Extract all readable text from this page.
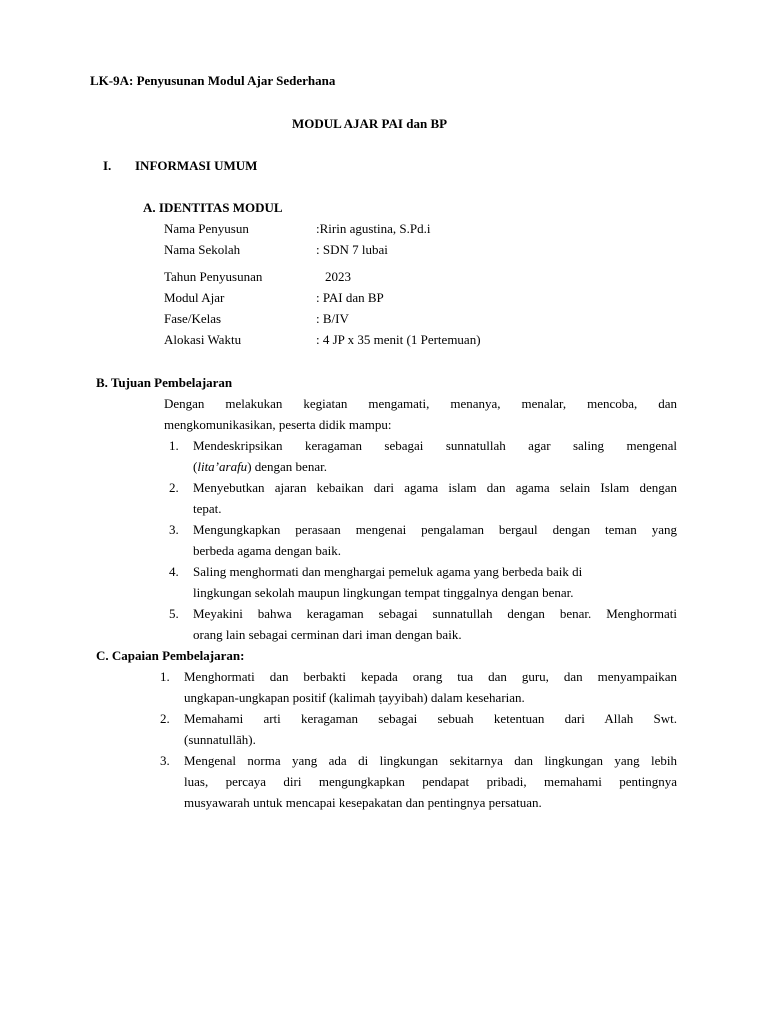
LK-9A: Penyusunan Modul Ajar Sederhana
MODUL AJAR PAI dan BP
I. INFORMASI UMUM
A. IDENTITAS MODUL
Nama Penyusun	:Ririn agustina, S.Pd.i
Nama Sekolah	: SDN 7 lubai
Tahun Penyusunan	2023
Modul Ajar	: PAI dan BP
Fase/Kelas	: B/IV
Alokasi Waktu	: 4 JP x 35 menit (1 Pertemuan)
B. Tujuan Pembelajaran
Dengan melakukan kegiatan mengamati, menanya, menalar, mencoba, dan
mengkomunikasikan, peserta didik mampu:
1. Mendeskripsikan keragaman sebagai sunnatullah agar saling mengenal
(lita’arafu) dengan benar.
2. Menyebutkan ajaran kebaikan dari agama islam dan agama selain Islam dengan
tepat.
3. Mengungkapkan perasaan mengenai pengalaman bergaul dengan teman yang
berbeda agama dengan baik.
4. Saling menghormati dan menghargai pemeluk agama yang berbeda baik di
lingkungan sekolah maupun lingkungan tempat tinggalnya dengan benar.
5. Meyakini bahwa keragaman sebagai sunnatullah dengan benar. Menghormati
orang lain sebagai cerminan dari iman dengan baik.
C. Capaian Pembelajaran:
1. Menghormati dan berbakti kepada orang tua dan guru, dan menyampaikan
ungkapan-ungkapan positif (kalimah ṭayyibah) dalam keseharian.
2. Memahami arti keragaman sebagai sebuah ketentuan dari Allah Swt.
(sunnatullāh).
3. Mengenal norma yang ada di lingkungan sekitarnya dan lingkungan yang lebih
luas, percaya diri mengungkapkan pendapat pribadi, memahami pentingnya
musyawarah untuk mencapai kesepakatan dan pentingnya persatuan.
